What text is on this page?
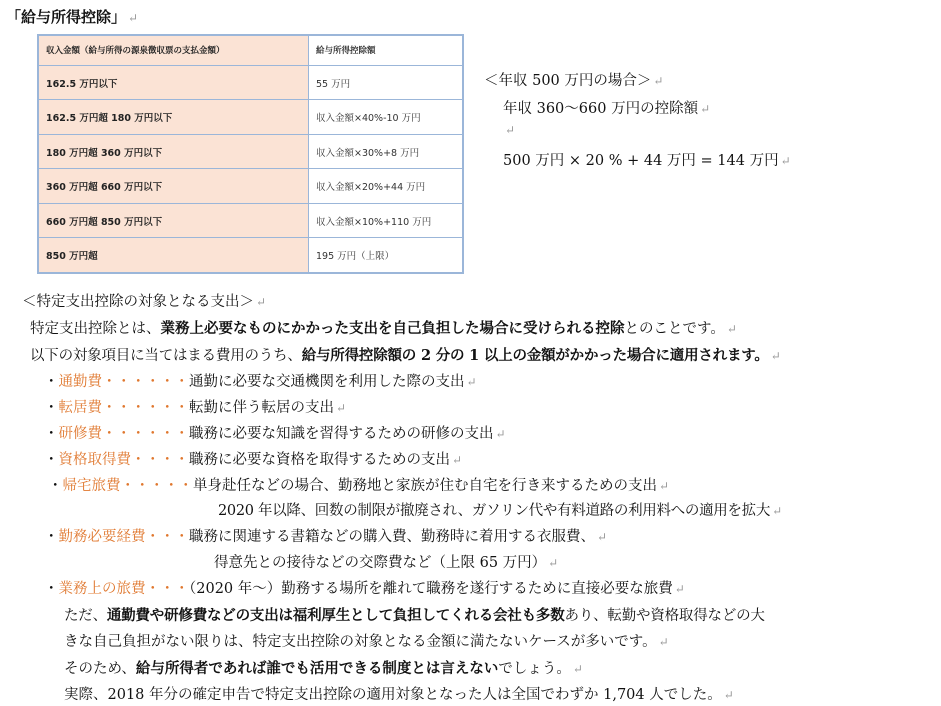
「給与所得控除」 ↵
収入金額（給与所得の源泉徴収票の支払金額）	給与所得控除額
162.5 万円以下	55 万円
162.5 万円超 180 万円以下	収入金額×40%-10 万円
180 万円超 360 万円以下	収入金額×30%+8 万円
360 万円超 660 万円以下	収入金額×20%+44 万円
660 万円超 850 万円以下	収入金額×10%+110 万円
850 万円超	195 万円（上限）
＜年収 500 万円の場合＞ ↵
年収 360～660 万円の控除額 ↵
↵
500 万円 × 20 % + 44 万円 = 144 万円 ↵
＜特定支出控除の対象となる支出＞ ↵
特定支出控除とは、業務上必要なものにかかった支出を自己負担した場合に受けられる控除とのことです。 ↵
以下の対象項目に当てはまる費用のうち、給与所得控除額の 2 分の 1 以上の金額がかかった場合に適用されます。 ↵
・通勤費・・・・・・通勤に必要な交通機関を利用した際の支出 ↵
・転居費・・・・・・転勤に伴う転居の支出 ↵
・研修費・・・・・・職務に必要な知識を習得するための研修の支出 ↵
・資格取得費・・・・職務に必要な資格を取得するための支出 ↵
・帰宅旅費・・・・・単身赴任などの場合、勤務地と家族が住む自宅を行き来するための支出 ↵
2020 年以降、回数の制限が撤廃され、ガソリン代や有料道路の利用料への適用を拡大 ↵
・勤務必要経費・・・職務に関連する書籍などの購入費、勤務時に着用する衣服費、 ↵
得意先との接待などの交際費など（上限 65 万円） ↵
・業務上の旅費・・・（2020 年～）勤務する場所を離れて職務を遂行するために直接必要な旅費 ↵
ただ、通勤費や研修費などの支出は福利厚生として負担してくれる会社も多数あり、転勤や資格取得などの大
きな自己負担がない限りは、特定支出控除の対象となる金額に満たないケースが多いです。 ↵
そのため、給与所得者であれば誰でも活用できる制度とは言えないでしょう。 ↵
実際、2018 年分の確定申告で特定支出控除の適用対象となった人は全国でわずか 1,704 人でした。 ↵
